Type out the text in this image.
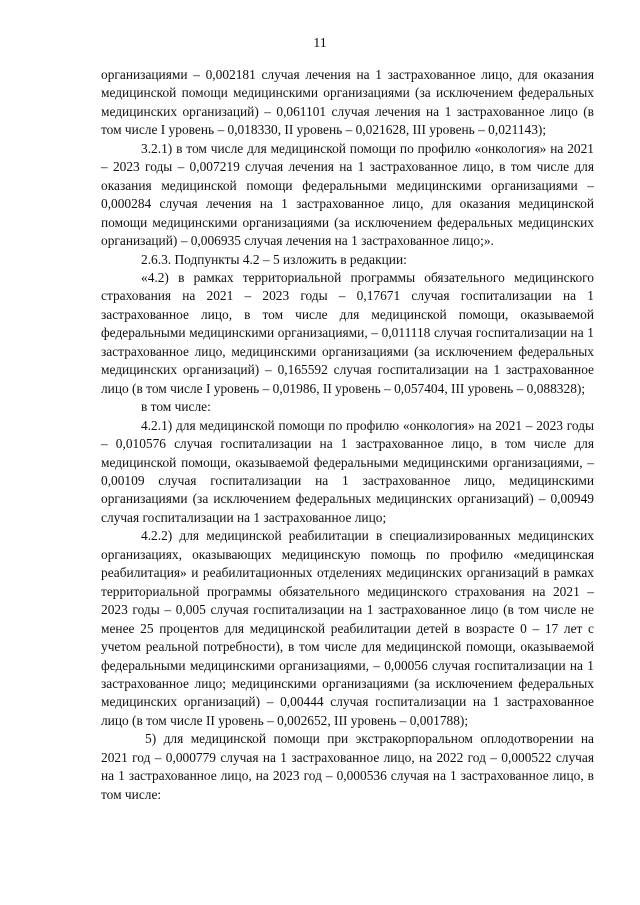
11

организациями – 0,002181 случая лечения на 1 застрахованное лицо, для оказания медицинской помощи медицинскими организациями (за исключением федеральных медицинских организаций) – 0,061101 случая лечения на 1 застрахованное лицо (в том числе I уровень – 0,018330, II уровень – 0,021628, III уровень – 0,021143);

3.2.1) в том числе для медицинской помощи по профилю «онкология» на 2021 – 2023 годы – 0,007219 случая лечения на 1 застрахованное лицо, в том числе для оказания медицинской помощи федеральными медицинскими организациями – 0,000284 случая лечения на 1 застрахованное лицо, для оказания медицинской помощи медицинскими организациями (за исключением федеральных медицинских организаций) – 0,006935 случая лечения на 1 застрахованное лицо;».

2.6.3. Подпункты 4.2 – 5 изложить в редакции:

«4.2) в рамках территориальной программы обязательного медицинского страхования на 2021 – 2023 годы – 0,17671 случая госпитализации на 1 застрахованное лицо, в том числе для медицинской помощи, оказываемой федеральными медицинскими организациями, – 0,011118 случая госпитализации на 1 застрахованное лицо, медицинскими организациями (за исключением федеральных медицинских организаций) – 0,165592 случая госпитализации на 1 застрахованное лицо (в том числе I уровень – 0,01986, II уровень – 0,057404, III уровень – 0,088328);

в том числе:

4.2.1) для медицинской помощи по профилю «онкология» на 2021 – 2023 годы – 0,010576 случая госпитализации на 1 застрахованное лицо, в том числе для медицинской помощи, оказываемой федеральными медицинскими организациями, – 0,00109 случая госпитализации на 1 застрахованное лицо, медицинскими организациями (за исключением федеральных медицинских организаций) – 0,00949 случая госпитализации на 1 застрахованное лицо;

4.2.2) для медицинской реабилитации в специализированных медицинских организациях, оказывающих медицинскую помощь по профилю «медицинская реабилитация» и реабилитационных отделениях медицинских организаций в рамках территориальной программы обязательного медицинского страхования на 2021 – 2023 годы – 0,005 случая госпитализации на 1 застрахованное лицо (в том числе не менее 25 процентов для медицинской реабилитации детей в возрасте 0 – 17 лет с учетом реальной потребности), в том числе для медицинской помощи, оказываемой федеральными медицинскими организациями, – 0,00056 случая госпитализации на 1 застрахованное лицо; медицинскими организациями (за исключением федеральных медицинских организаций) – 0,00444 случая госпитализации на 1 застрахованное лицо (в том числе II уровень – 0,002652, III уровень – 0,001788);

5) для медицинской помощи при экстракорпоральном оплодотворении на 2021 год – 0,000779 случая на 1 застрахованное лицо, на 2022 год – 0,000522 случая на 1 застрахованное лицо, на 2023 год – 0,000536 случая на 1 застрахованное лицо, в том числе:
